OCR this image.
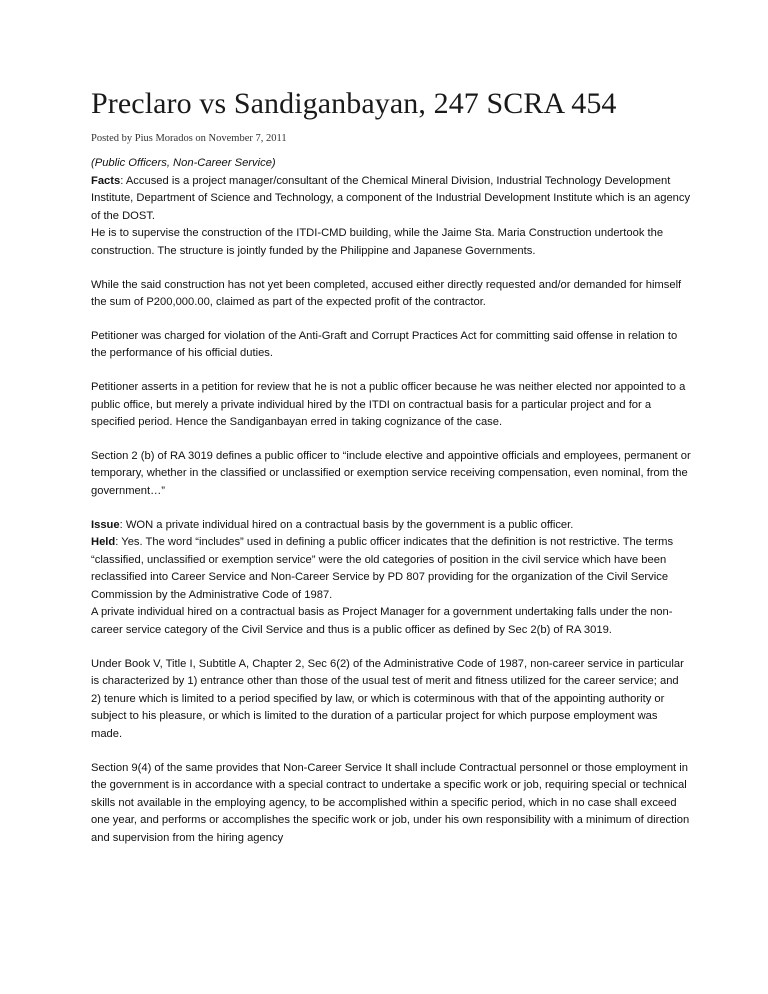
Preclaro vs Sandiganbayan, 247 SCRA 454
Posted by Pius Morados on November 7, 2011

(Public Officers, Non-Career Service)

Facts: Accused is a project manager/consultant of the Chemical Mineral Division, Industrial Technology Development Institute, Department of Science and Technology, a component of the Industrial Development Institute which is an agency of the DOST.

He is to supervise the construction of the ITDI-CMD building, while the Jaime Sta. Maria Construction undertook the construction. The structure is jointly funded by the Philippine and Japanese Governments.

While the said construction has not yet been completed, accused either directly requested and/or demanded for himself the sum of P200,000.00, claimed as part of the expected profit of the contractor.

Petitioner was charged for violation of the Anti-Graft and Corrupt Practices Act for committing said offense in relation to the performance of his official duties.

Petitioner asserts in a petition for review that he is not a public officer because he was neither elected nor appointed to a public office, but merely a private individual hired by the ITDI on contractual basis for a particular project and for a specified period. Hence the Sandiganbayan erred in taking cognizance of the case.

Section 2 (b) of RA 3019 defines a public officer to “include elective and appointive officials and employees, permanent or temporary, whether in the classified or unclassified or exemption service receiving compensation, even nominal, from the government…”

Issue: WON a private individual hired on a contractual basis by the government is a public officer.

Held: Yes. The word “includes” used in defining a public officer indicates that the definition is not restrictive. The terms “classified, unclassified or exemption service” were the old categories of position in the civil service which have been reclassified into Career Service and Non-Career Service by PD 807 providing for the organization of the Civil Service Commission by the Administrative Code of 1987.

A private individual hired on a contractual basis as Project Manager for a government undertaking falls under the non-career service category of the Civil Service and thus is a public officer as defined by Sec 2(b) of RA 3019.

Under Book V, Title I, Subtitle A, Chapter 2, Sec 6(2) of the Administrative Code of 1987, non-career service in particular is characterized by 1) entrance other than those of the usual test of merit and fitness utilized for the career service; and 2) tenure which is limited to a period specified by law, or which is coterminous with that of the appointing authority or subject to his pleasure, or which is limited to the duration of a particular project for which purpose employment was made.

Section 9(4) of the same provides that Non-Career Service It shall include Contractual personnel or those employment in the government is in accordance with a special contract to undertake a specific work or job, requiring special or technical skills not available in the employing agency, to be accomplished within a specific period, which in no case shall exceed one year, and performs or accomplishes the specific work or job, under his own responsibility with a minimum of direction and supervision from the hiring agency
